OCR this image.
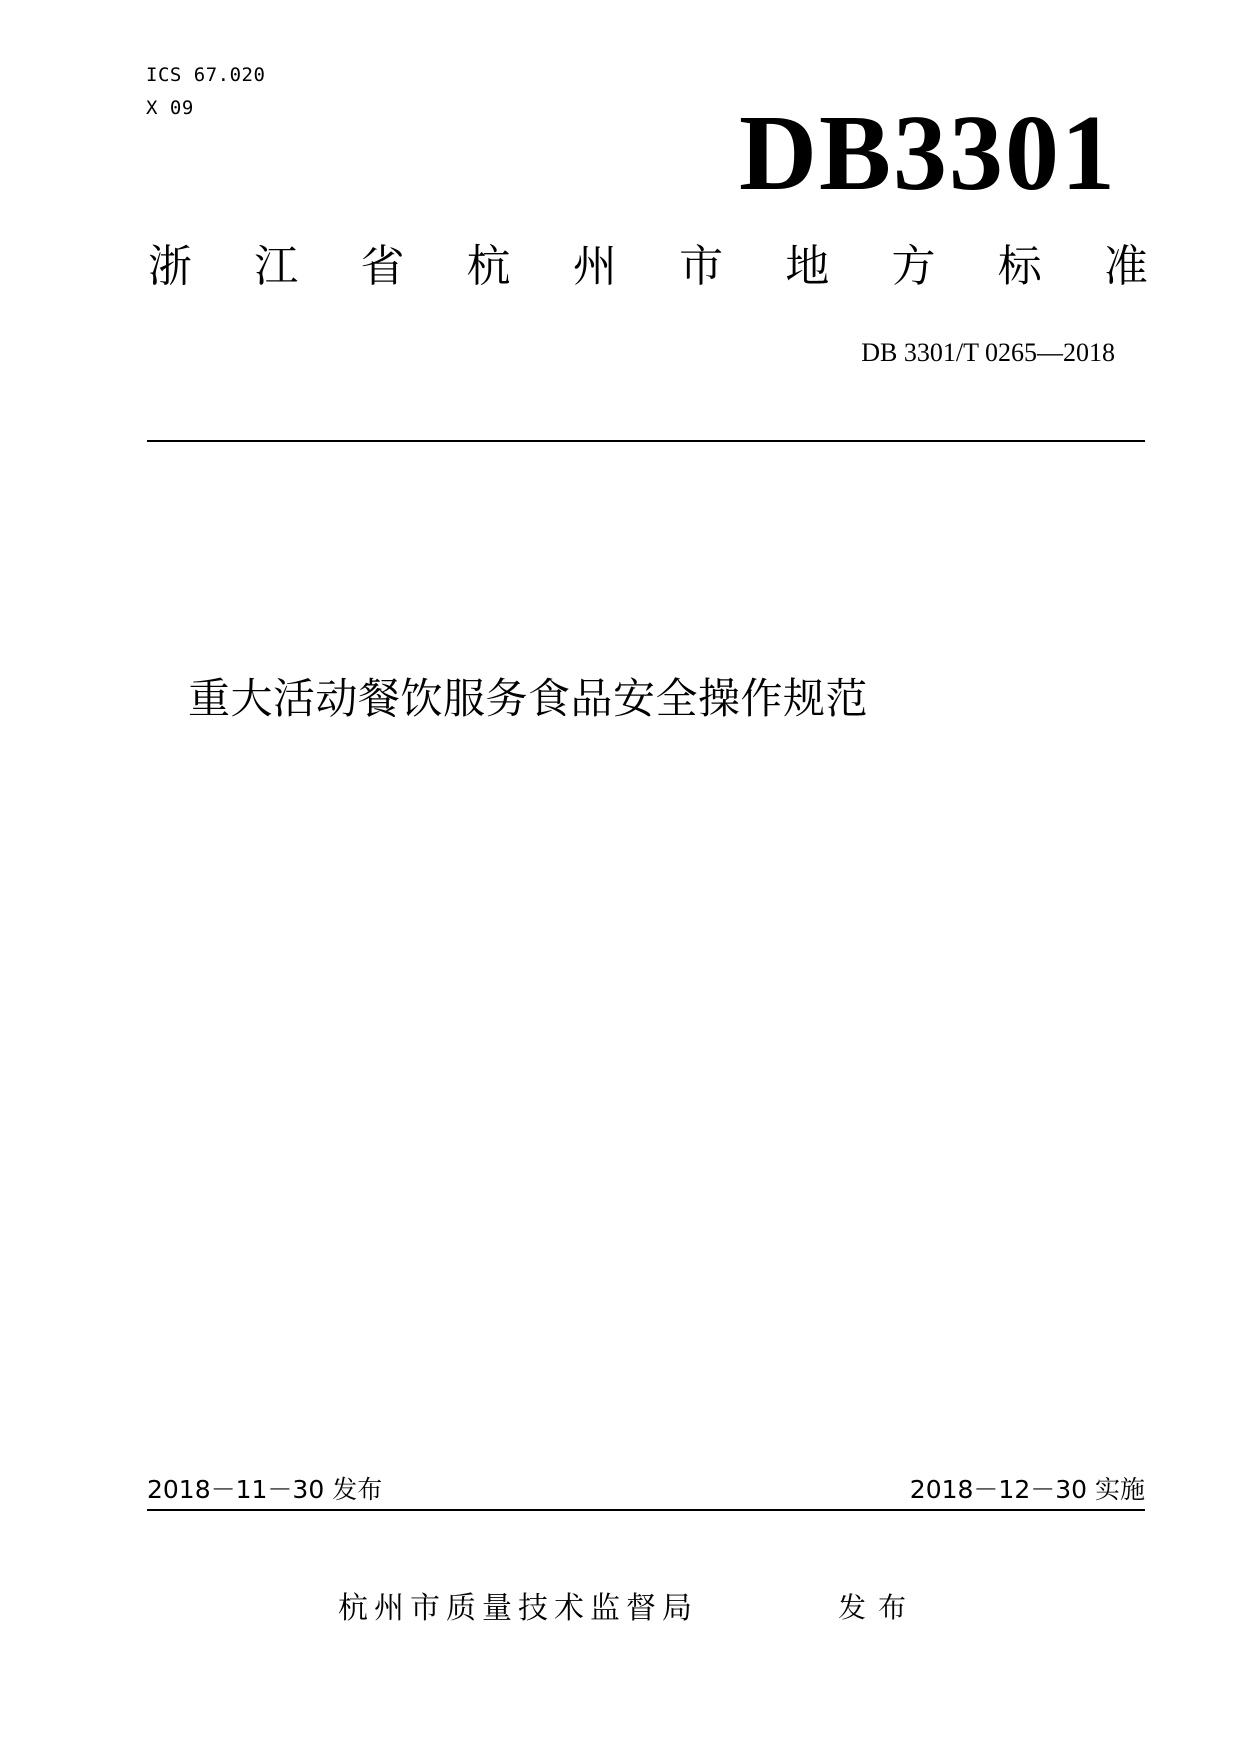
ICS 67.020
X 09	DB3301
浙 江 省 杭 州 市 地 方 标 准
DB 3301/T 0265—2018
重大活动餐饮服务食品安全操作规范
2018－11－30 发布	2018－12－30 实施
杭州市质量技术监督局	发布
